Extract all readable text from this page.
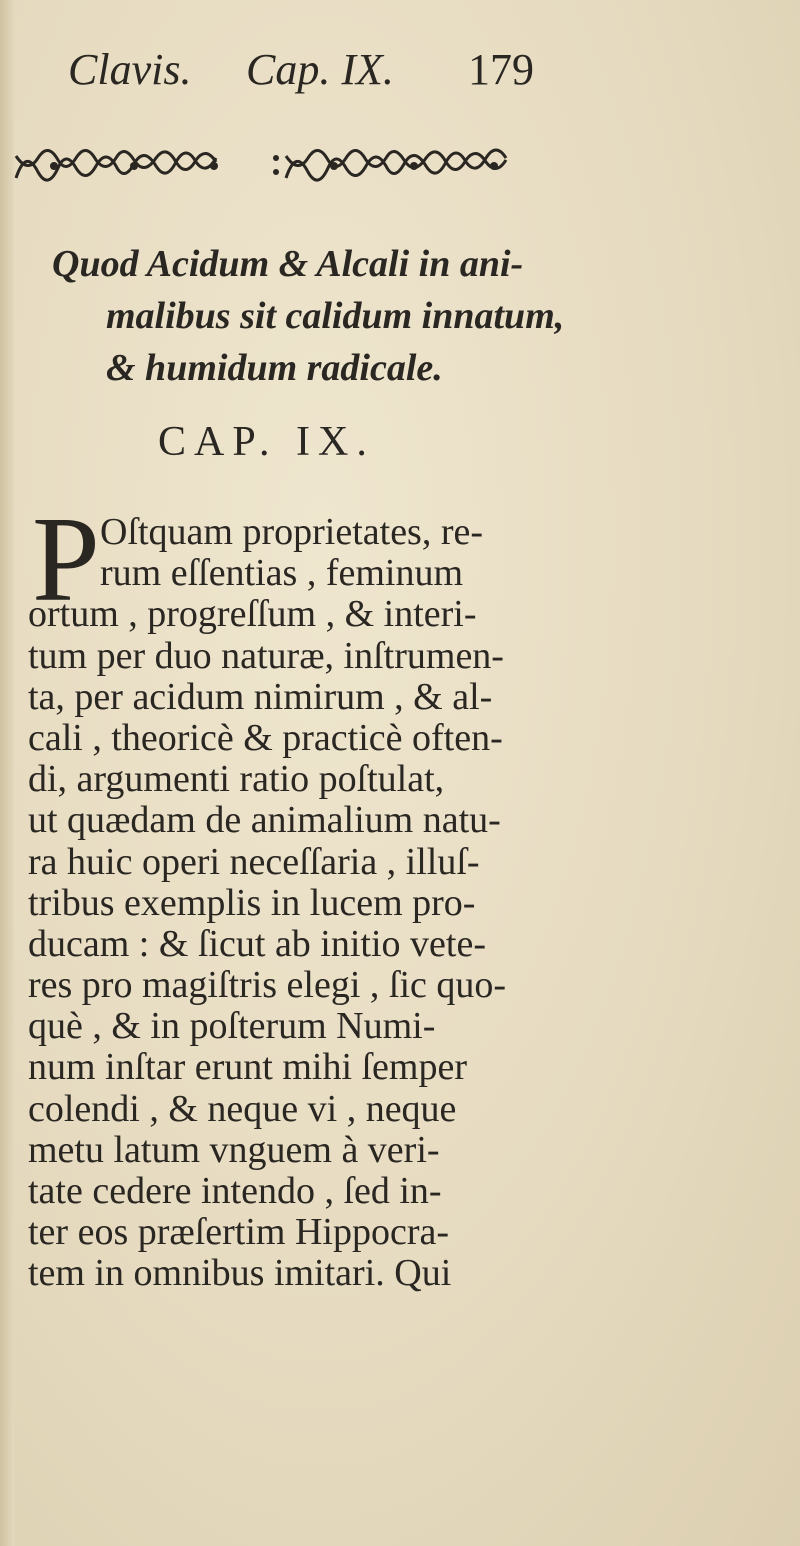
Clavis. Cap. IX. 179
Quod Acidum & Alcali in ani-
malibus sit calidum innatum,
& humidum radicale.
CAP. IX.
P Oſtquam proprietates, re-
rum eſſentias , feminum
ortum , progreſſum , & interi-
tum per duo naturæ, inſtrumen-
ta, per acidum nimirum , & al-
cali , theoricè & practicè often-
di, argumenti ratio poſtulat,
ut quædam de animalium natu-
ra huic operi neceſſaria , illuſ-
tribus exemplis in lucem pro-
ducam : & ſicut ab initio vete-
res pro magiſtris elegi , ſic quo-
què , & in poſterum Numi-
num inſtar erunt mihi ſemper
colendi , & neque vi , neque
metu latum vnguem à veri-
tate cedere intendo , ſed in-
ter eos præſertim Hippocra-
tem in omnibus imitari. Qui
